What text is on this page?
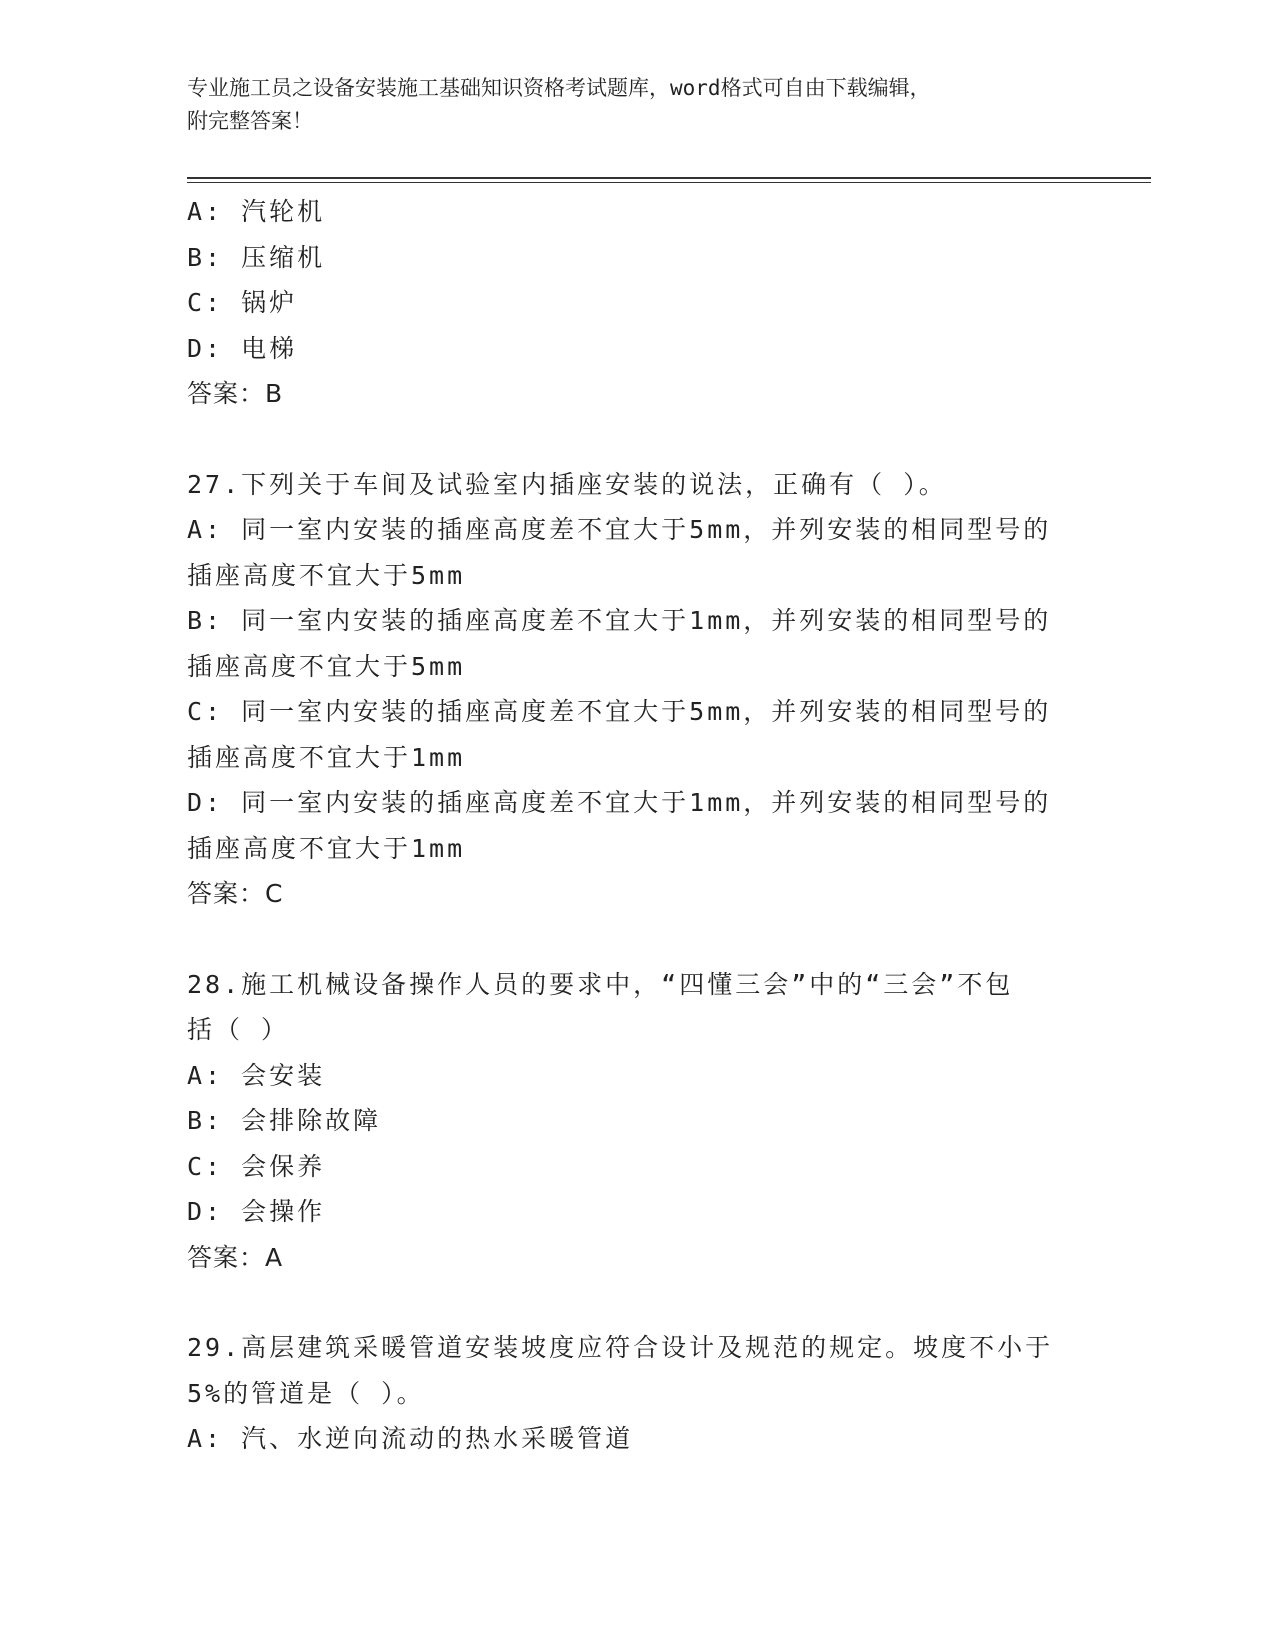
专业施工员之设备安装施工基础知识资格考试题库，word格式可自由下载编辑，

附完整答案！

A: 汽轮机

B: 压缩机

C: 锅炉

D: 电梯

答案：B

27.下列关于车间及试验室内插座安装的说法，正确有（ ）。

A: 同一室内安装的插座高度差不宜大于5mm，并列安装的相同型号的

插座高度不宜大于5mm

B: 同一室内安装的插座高度差不宜大于1mm，并列安装的相同型号的

插座高度不宜大于5mm

C: 同一室内安装的插座高度差不宜大于5mm，并列安装的相同型号的

插座高度不宜大于1mm

D: 同一室内安装的插座高度差不宜大于1mm，并列安装的相同型号的

插座高度不宜大于1mm

答案：C

28.施工机械设备操作人员的要求中，“四懂三会”中的“三会”不包

括（ ）

A: 会安装

B: 会排除故障

C: 会保养

D: 会操作

答案：A

29.高层建筑采暖管道安装坡度应符合设计及规范的规定。坡度不小于

5%的管道是（ ）。

A: 汽、水逆向流动的热水采暖管道
